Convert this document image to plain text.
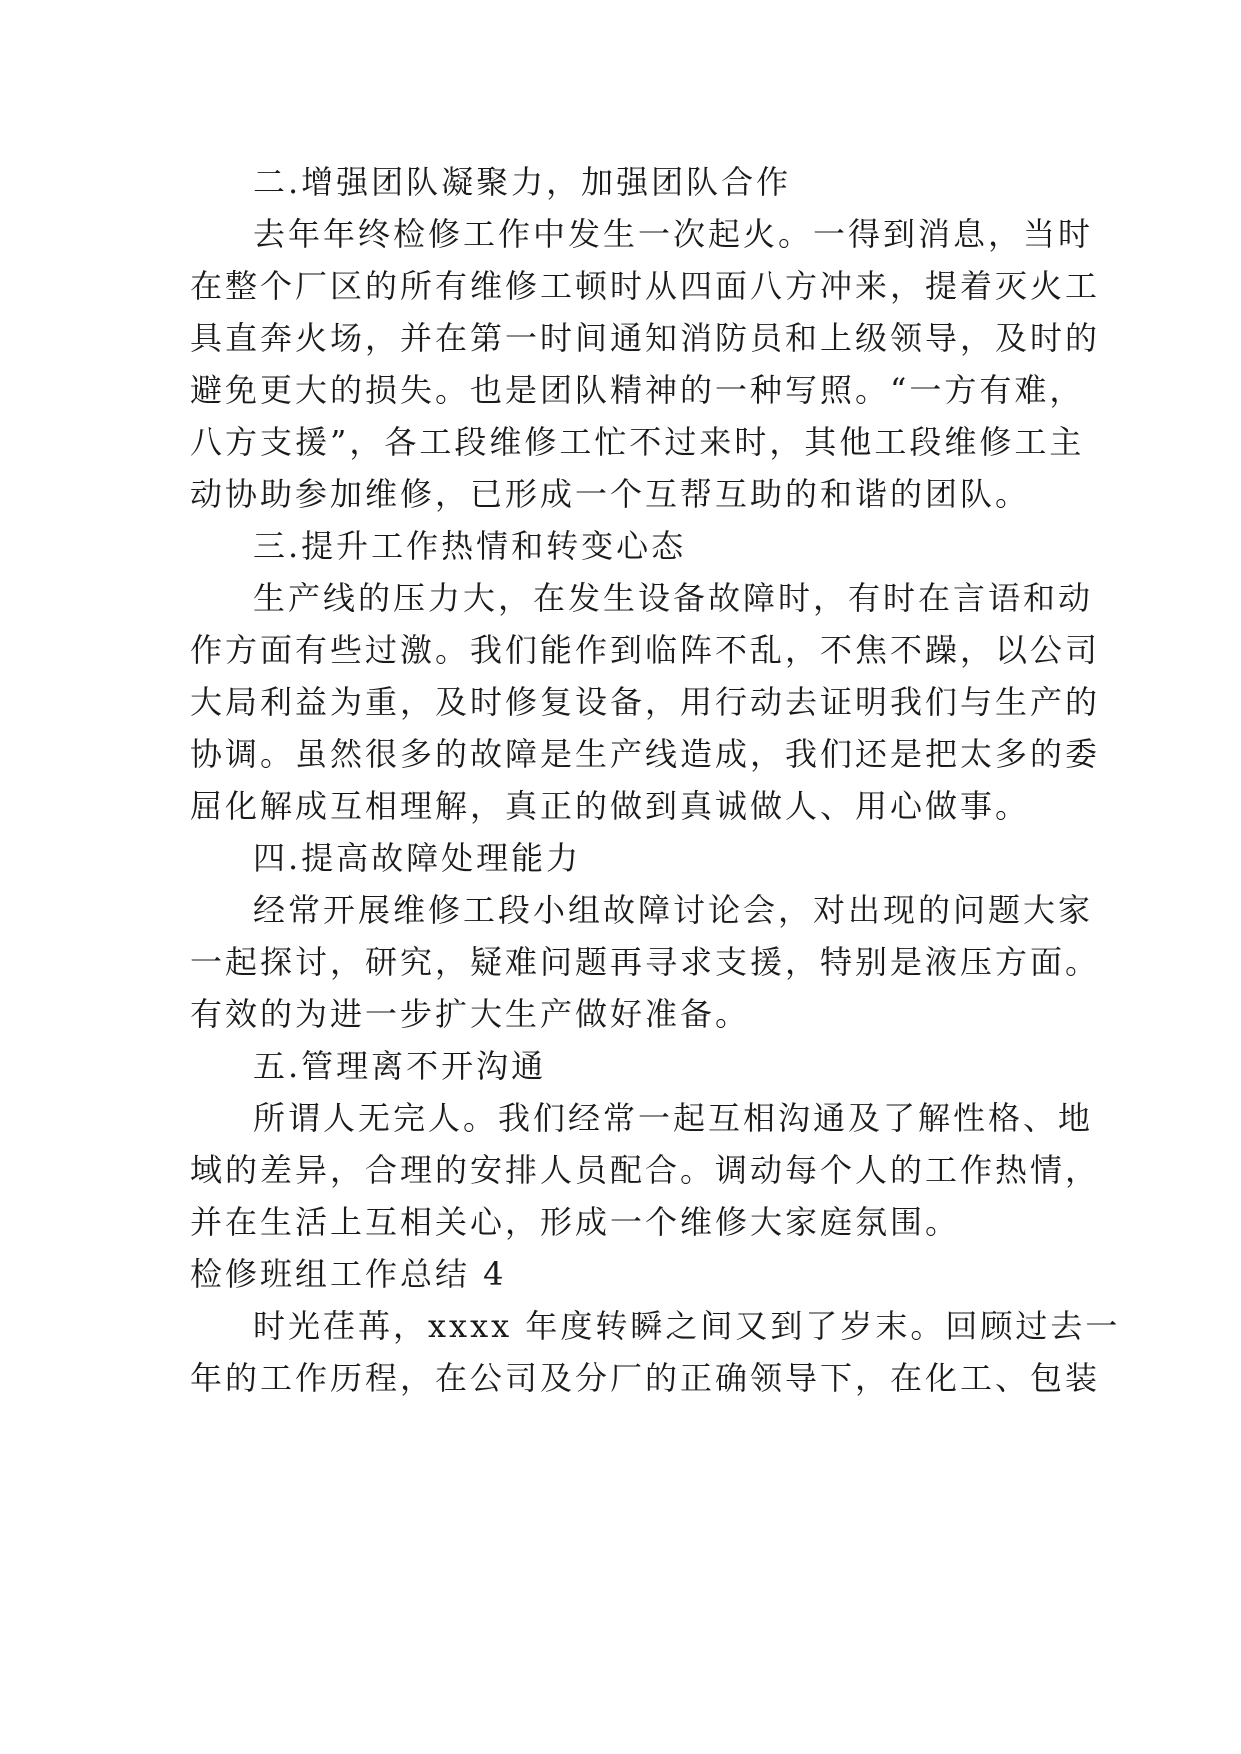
二.增强团队凝聚力，加强团队合作
去年年终检修工作中发生一次起火。一得到消息，当时
在整个厂区的所有维修工顿时从四面八方冲来，提着灭火工
具直奔火场，并在第一时间通知消防员和上级领导，及时的
避免更大的损失。也是团队精神的一种写照。“一方有难，
八方支援”，各工段维修工忙不过来时，其他工段维修工主
动协助参加维修，已形成一个互帮互助的和谐的团队。
三.提升工作热情和转变心态
生产线的压力大，在发生设备故障时，有时在言语和动
作方面有些过激。我们能作到临阵不乱，不焦不躁，以公司
大局利益为重，及时修复设备，用行动去证明我们与生产的
协调。虽然很多的故障是生产线造成，我们还是把太多的委
屈化解成互相理解，真正的做到真诚做人、用心做事。
四.提高故障处理能力
经常开展维修工段小组故障讨论会，对出现的问题大家
一起探讨，研究，疑难问题再寻求支援，特别是液压方面。
有效的为进一步扩大生产做好准备。
五.管理离不开沟通
所谓人无完人。我们经常一起互相沟通及了解性格、地
域的差异，合理的安排人员配合。调动每个人的工作热情，
并在生活上互相关心，形成一个维修大家庭氛围。
检修班组工作总结 4
时光荏苒，xxxx 年度转瞬之间又到了岁末。回顾过去一
年的工作历程，在公司及分厂的正确领导下，在化工、包装
